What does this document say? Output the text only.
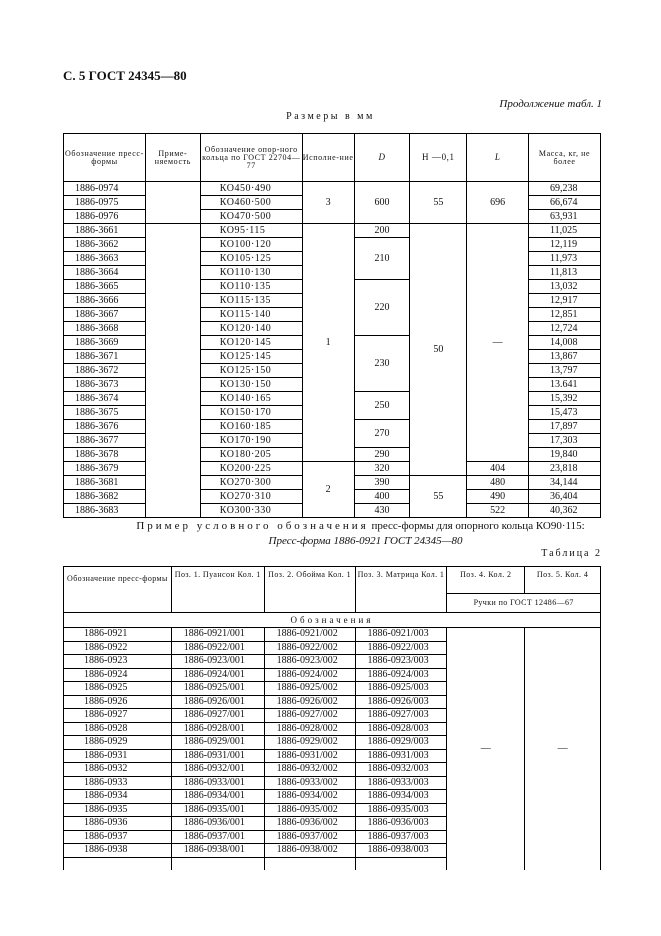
С. 5 ГОСТ 24345—80
Продолжение табл. 1
Размеры в мм
Обозначение пресс-формы	Приме-няемость	Обозначение опор-ного кольца по ГОСТ 22704—77	Исполне-ние	D	H —0,1	L	Масса, кг, не более
1886-0974		КО450·490	3	600	55	696	69,238
1886-0975		КО460·500					66,674
1886-0976		КО470·500					63,931
1886-3661		КО95·115	1	200	50	—	11,025
1886-3662		КО100·120		210			12,119
1886-3663		КО105·125					11,973
1886-3664		КО110·130					11,813
1886-3665		КО110·135		220			13,032
1886-3666		КО115·135					12,917
1886-3667		КО115·140					12,851
1886-3668		КО120·140					12,724
1886-3669		КО120·145		230			14,008
1886-3671		КО125·145					13,867
1886-3672		КО125·150					13,797
1886-3673		КО130·150					13.641
1886-3674		КО140·165		250			15,392
1886-3675		КО150·170					15,473
1886-3676		КО160·185		270			17,897
1886-3677		КО170·190					17,303
1886-3678		КО180·205		290			19,840
1886-3679		КО200·225	2	320		404	23,818
1886-3681		КО270·300		390	55	480	34,144
1886-3682		КО270·310		400		490	36,404
1886-3683		КО300·330		430		522	40,362
Пример условного обозначения пресс-формы для опорного кольца КО90·115:
Пресс-форма 1886-0921 ГОСТ 24345—80
Таблица 2
Обозначение пресс-формы	Поз. 1. Пуансон Кол. 1	Поз. 2. Обойма Кол. 1	Поз. 3. Матрица Кол. 1	Поз. 4. Кол. 2	Поз. 5. Кол. 4
				Ручки по ГОСТ 12486—67	
Обозначения					
1886-0921	1886-0921/001	1886-0921/002	1886-0921/003	—	—
1886-0922	1886-0922/001	1886-0922/002	1886-0922/003		
1886-0923	1886-0923/001	1886-0923/002	1886-0923/003		
1886-0924	1886-0924/001	1886-0924/002	1886-0924/003		
1886-0925	1886-0925/001	1886-0925/002	1886-0925/003		
1886-0926	1886-0926/001	1886-0926/002	1886-0926/003		
1886-0927	1886-0927/001	1886-0927/002	1886-0927/003		
1886-0928	1886-0928/001	1886-0928/002	1886-0928/003		
1886-0929	1886-0929/001	1886-0929/002	1886-0929/003		
1886-0931	1886-0931/001	1886-0931/002	1886-0931/003		
1886-0932	1886-0932/001	1886-0932/002	1886-0932/003		
1886-0933	1886-0933/001	1886-0933/002	1886-0933/003		
1886-0934	1886-0934/001	1886-0934/002	1886-0934/003		
1886-0935	1886-0935/001	1886-0935/002	1886-0935/003		
1886-0936	1886-0936/001	1886-0936/002	1886-0936/003		
1886-0937	1886-0937/001	1886-0937/002	1886-0937/003		
1886-0938	1886-0938/001	1886-0938/002	1886-0938/003		
